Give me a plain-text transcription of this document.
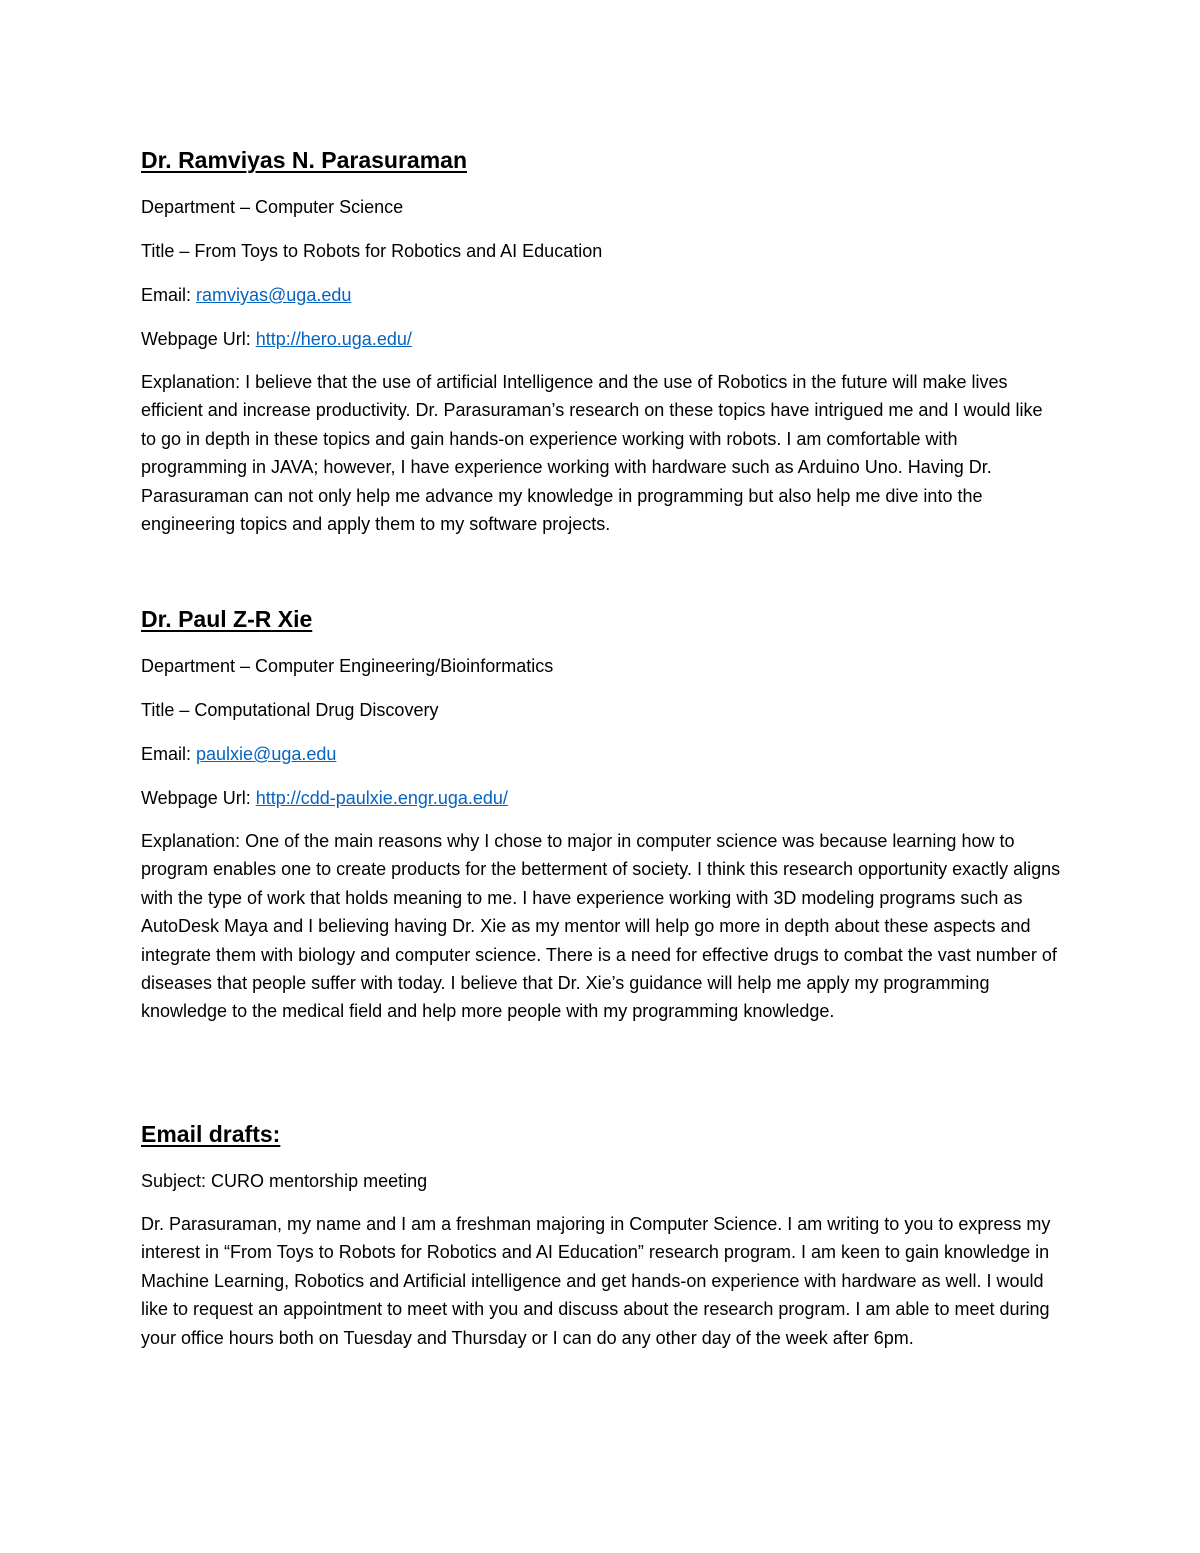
Dr. Ramviyas N. Parasuraman

Department – Computer Science

Title – From Toys to Robots for Robotics and AI Education

Email: ramviyas@uga.edu

Webpage Url: http://hero.uga.edu/

Explanation: I believe that the use of artificial Intelligence and the use of Robotics in the future will make lives efficient and increase productivity. Dr. Parasuraman’s research on these topics have intrigued me and I would like to go in depth in these topics and gain hands-on experience working with robots. I am comfortable with programming in JAVA; however, I have experience working with hardware such as Arduino Uno. Having Dr. Parasuraman can not only help me advance my knowledge in programming but also help me dive into the engineering topics and apply them to my software projects.

Dr. Paul Z-R Xie

Department – Computer Engineering/Bioinformatics

Title – Computational Drug Discovery

Email: paulxie@uga.edu

Webpage Url: http://cdd-paulxie.engr.uga.edu/

Explanation: One of the main reasons why I chose to major in computer science was because learning how to program enables one to create products for the betterment of society. I think this research opportunity exactly aligns with the type of work that holds meaning to me. I have experience working with 3D modeling programs such as AutoDesk Maya and I believing having Dr. Xie as my mentor will help go more in depth about these aspects and integrate them with biology and computer science. There is a need for effective drugs to combat the vast number of diseases that people suffer with today. I believe that Dr. Xie’s guidance will help me apply my programming knowledge to the medical field and help more people with my programming knowledge.

Email drafts:

Subject: CURO mentorship meeting

Dr. Parasuraman, my name and I am a freshman majoring in Computer Science. I am writing to you to express my interest in “From Toys to Robots for Robotics and AI Education” research program. I am keen to gain knowledge in Machine Learning, Robotics and Artificial intelligence and get hands-on experience with hardware as well. I would like to request an appointment to meet with you and discuss about the research program. I am able to meet during your office hours both on Tuesday and Thursday or I can do any other day of the week after 6pm.
